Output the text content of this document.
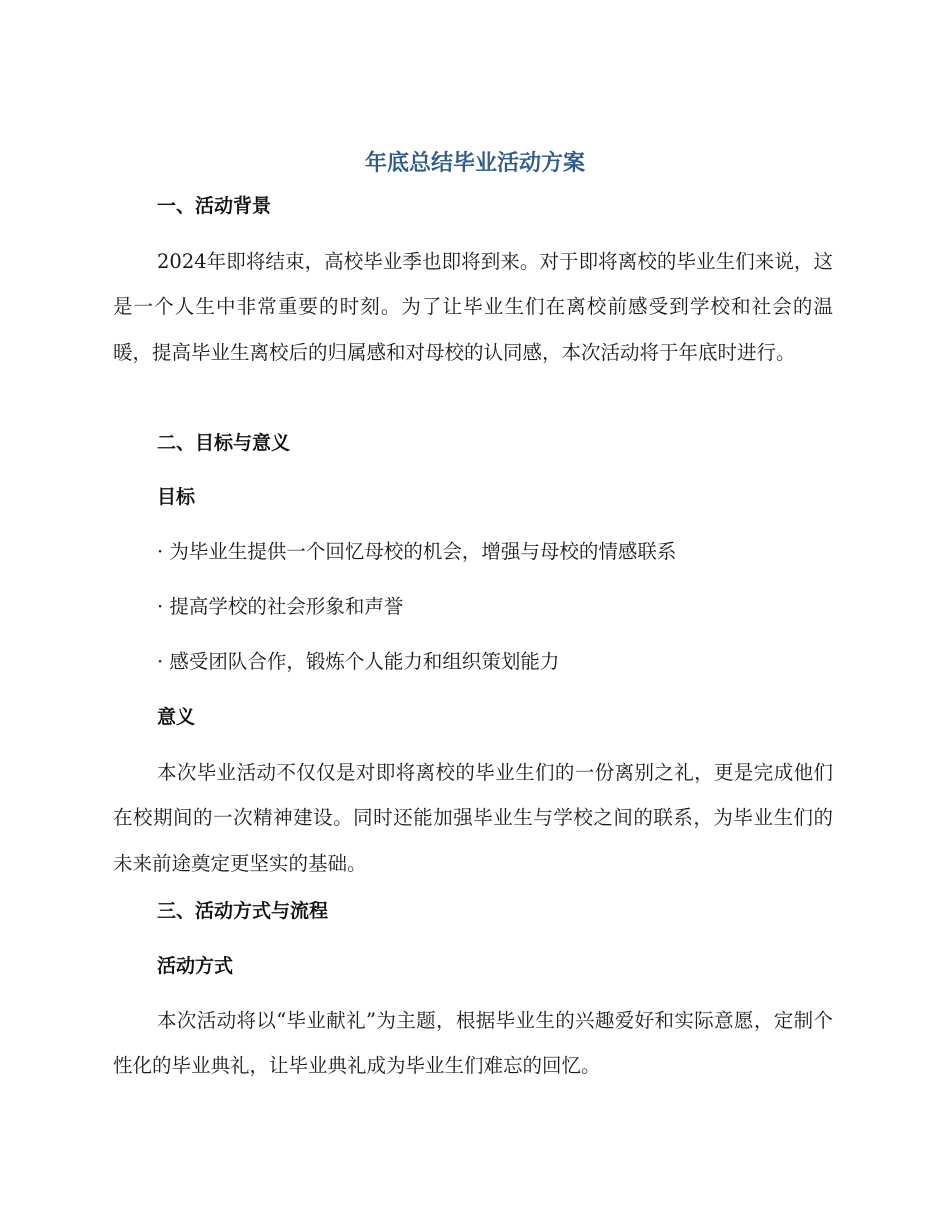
年底总结毕业活动方案
一、活动背景

2024年即将结束，高校毕业季也即将到来。对于即将离校的毕业生们来说，这是一个人生中非常重要的时刻。为了让毕业生们在离校前感受到学校和社会的温暖，提高毕业生离校后的归属感和对母校的认同感，本次活动将于年底时进行。

二、目标与意义
目标
· 为毕业生提供一个回忆母校的机会，增强与母校的情感联系
· 提高学校的社会形象和声誉
· 感受团队合作，锻炼个人能力和组织策划能力
意义

本次毕业活动不仅仅是对即将离校的毕业生们的一份离别之礼，更是完成他们在校期间的一次精神建设。同时还能加强毕业生与学校之间的联系，为毕业生们的未来前途奠定更坚实的基础。

三、活动方式与流程
活动方式

本次活动将以“毕业献礼”为主题，根据毕业生的兴趣爱好和实际意愿，定制个性化的毕业典礼，让毕业典礼成为毕业生们难忘的回忆。
